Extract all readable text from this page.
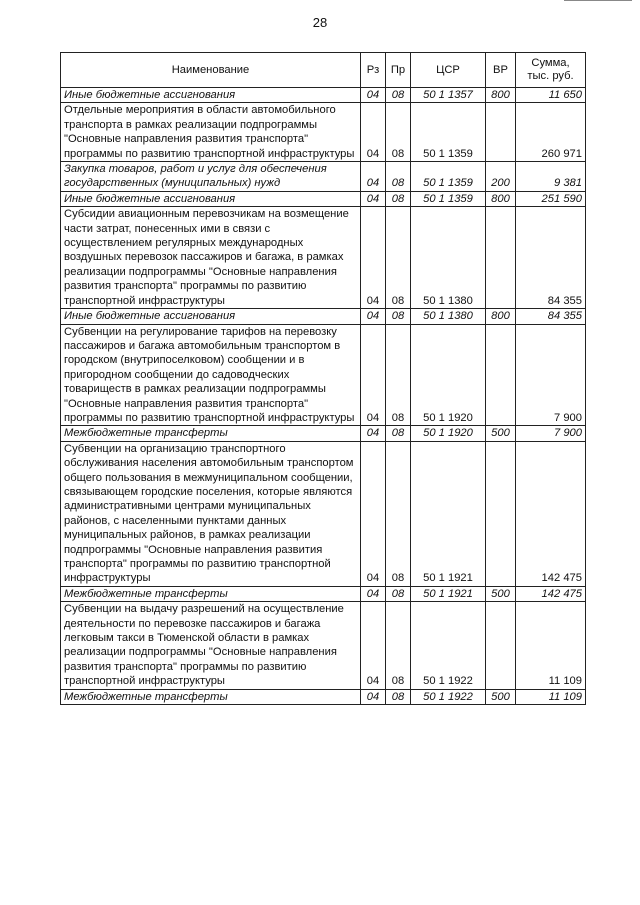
28
Наименование	Рз	Пр	ЦСР	ВР	Сумма,
тыс. руб.

Иные бюджетные ассигнования	04	08	50 1 1357	800	11 650
Отдельные мероприятия в области автомобильного транспорта в рамках реализации подпрограммы "Основные направления развития транспорта" программы по развитию транспортной инфраструктуры	04	08	50 1 1359		260 971
Закупка товаров, работ и услуг для обеспечения государственных (муниципальных) нужд	04	08	50 1 1359	200	9 381
Иные бюджетные ассигнования	04	08	50 1 1359	800	251 590
Субсидии авиационным перевозчикам на возмещение части затрат, понесенных ими в связи с осуществлением регулярных международных воздушных перевозок пассажиров и багажа, в рамках реализации подпрограммы "Основные направления развития транспорта" программы по развитию транспортной инфраструктуры	04	08	50 1 1380		84 355
Иные бюджетные ассигнования	04	08	50 1 1380	800	84 355
Субвенции на регулирование тарифов на перевозку пассажиров и багажа автомобильным транспортом в городском (внутрипоселковом) сообщении и в пригородном сообщении до садоводческих товариществ в рамках реализации подпрограммы "Основные направления развития транспорта" программы по развитию транспортной инфраструктуры	04	08	50 1 1920		7 900
Межбюджетные трансферты	04	08	50 1 1920	500	7 900
Субвенции на организацию транспортного обслуживания населения автомобильным транспортом общего пользования в межмуниципальном сообщении, связывающем городские поселения, которые являются административными центрами муниципальных районов, с населенными пунктами данных муниципальных районов, в рамках реализации подпрограммы "Основные направления развития транспорта" программы по развитию транспортной инфраструктуры	04	08	50 1 1921		142 475
Межбюджетные трансферты	04	08	50 1 1921	500	142 475
Субвенции на выдачу разрешений на осуществление деятельности по перевозке пассажиров и багажа легковым такси в Тюменской области в рамках реализации подпрограммы "Основные направления развития транспорта" программы по развитию транспортной инфраструктуры	04	08	50 1 1922		11 109
Межбюджетные трансферты	04	08	50 1 1922	500	11 109
